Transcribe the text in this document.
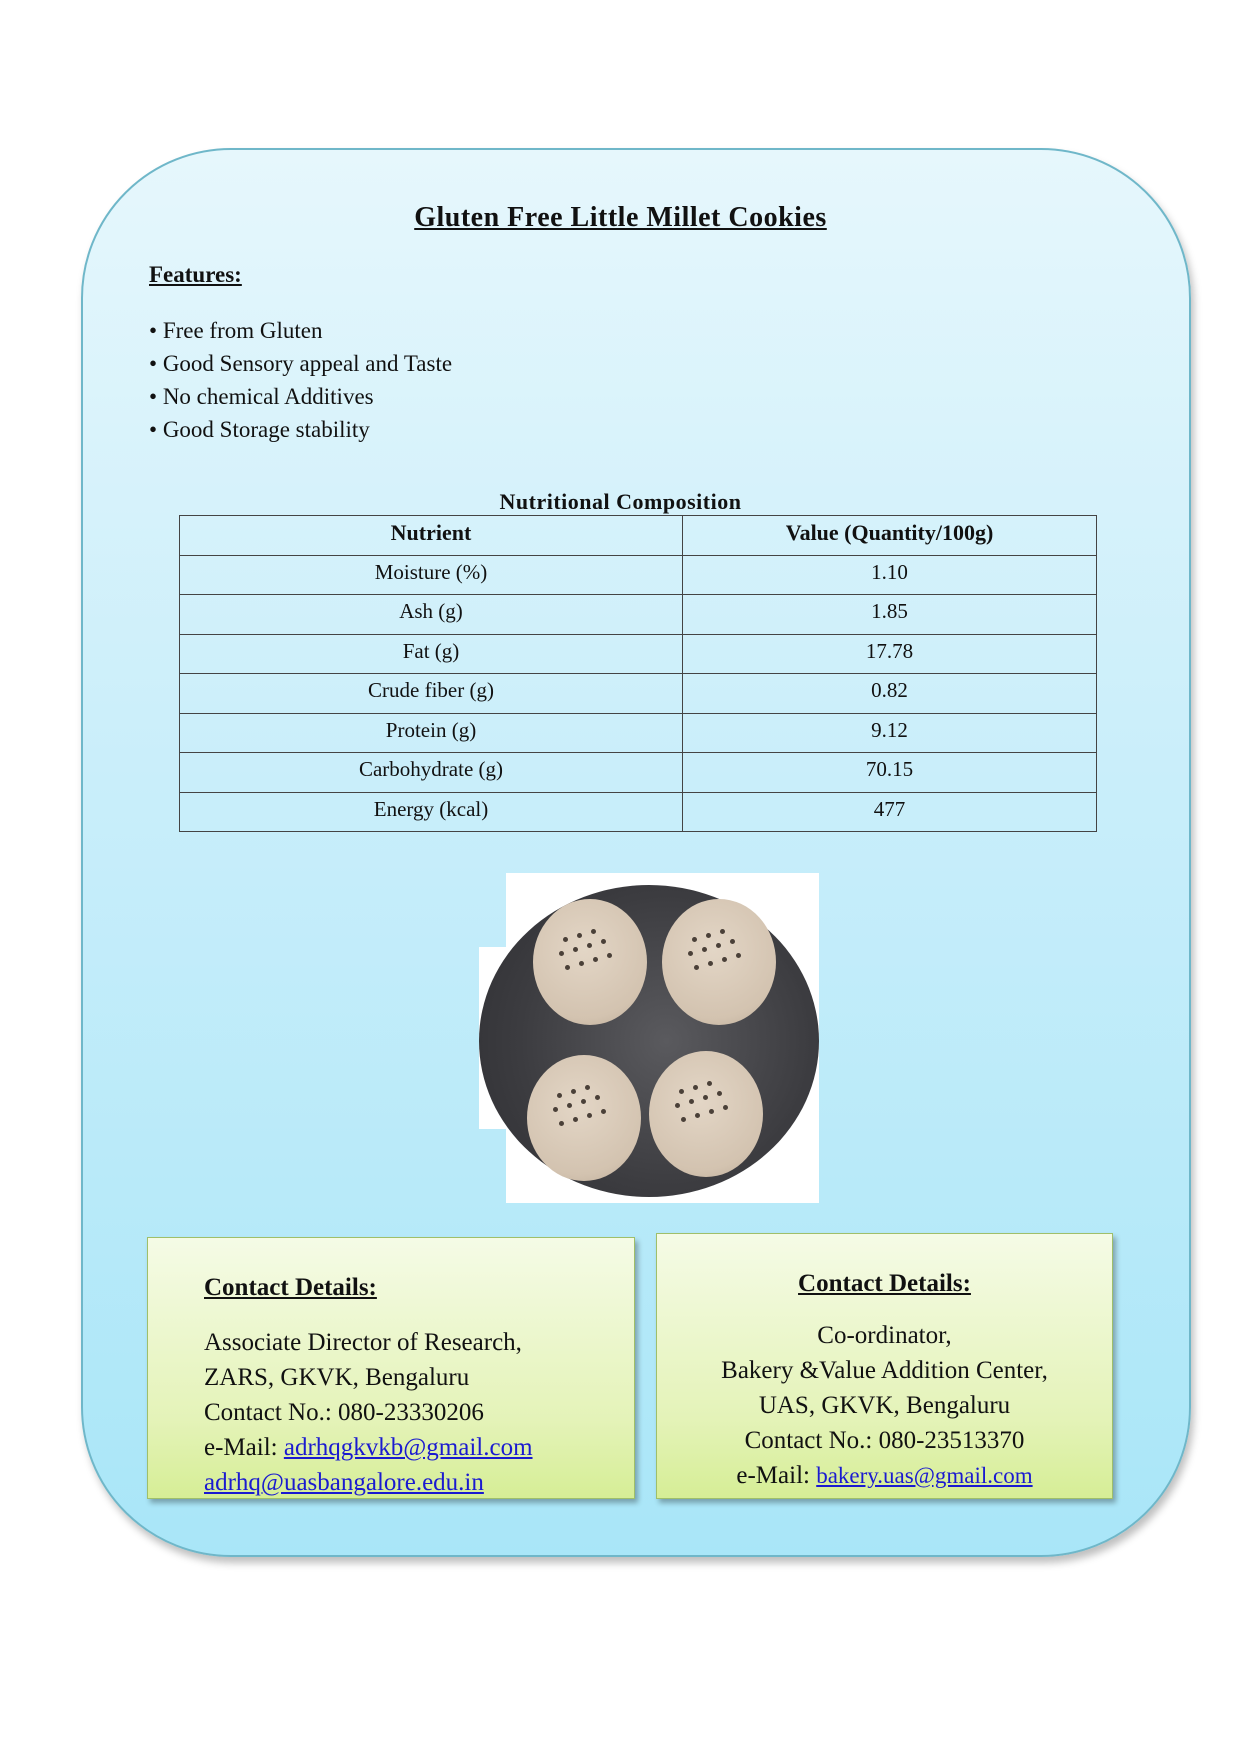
Gluten Free Little Millet Cookies
Features:
• Free from Gluten
• Good Sensory appeal and Taste
• No chemical Additives
• Good Storage stability
Nutritional Composition
Nutrient	Value (Quantity/100g)
Moisture (%)	1.10
Ash (g)	1.85
Fat (g)	17.78
Crude fiber (g)	0.82
Protein (g)	9.12
Carbohydrate (g)	70.15
Energy (kcal)	477
Contact Details:
Associate Director of Research,
ZARS, GKVK, Bengaluru
Contact No.: 080-23330206
e-Mail: adrhqgkvkb@gmail.com
adrhq@uasbangalore.edu.in
Contact Details:
Co-ordinator,
Bakery &Value Addition Center,
UAS, GKVK, Bengaluru
Contact No.: 080-23513370
e-Mail: bakery.uas@gmail.com
